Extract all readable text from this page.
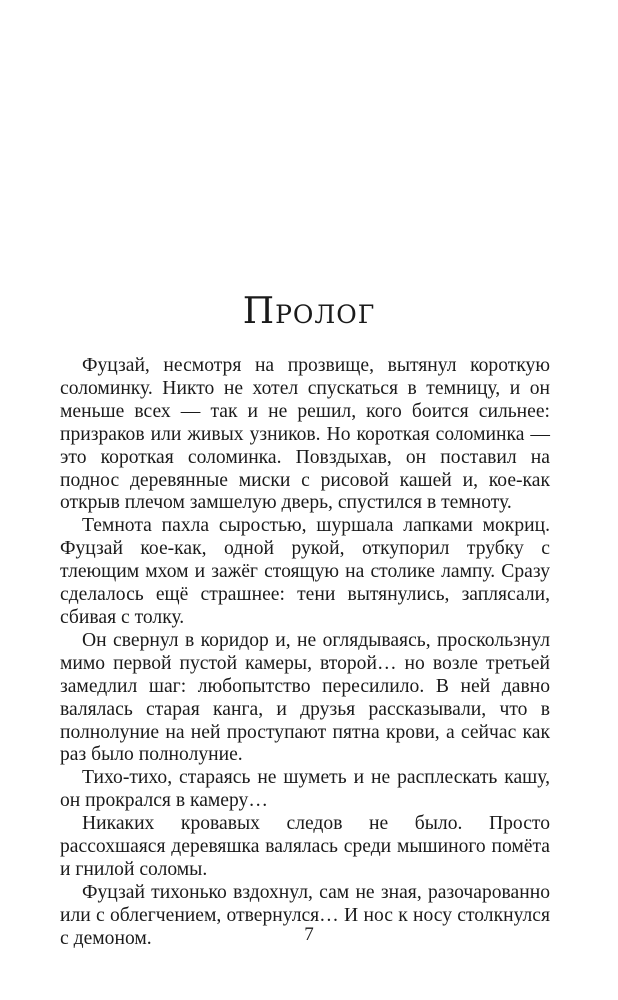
Пролог

Фуцзай, несмотря на прозвище, вытянул короткую соломинку. Никто не хотел спускаться в темницу, и он меньше всех — так и не решил, кого боится сильнее: призраков или живых узников. Но короткая соломинка — это короткая соломинка. Повздыхав, он поставил на поднос деревянные миски с рисовой кашей и, кое-как открыв плечом замшелую дверь, спустился в темноту.

Темнота пахла сыростью, шуршала лапками мокриц. Фуцзай кое-как, одной рукой, откупорил трубку с тлеющим мхом и зажёг стоящую на столике лампу. Сразу сделалось ещё страшнее: тени вытянулись, заплясали, сбивая с толку.

Он свернул в коридор и, не оглядываясь, проскользнул мимо первой пустой камеры, второй… но возле третьей замедлил шаг: любопытство пересилило. В ней давно валялась старая канга, и друзья рассказывали, что в полнолуние на ней проступают пятна крови, а сейчас как раз было полнолуние.

Тихо-тихо, стараясь не шуметь и не расплескать кашу, он прокрался в камеру…

Никаких кровавых следов не было. Просто рассохшаяся деревяшка валялась среди мышиного помёта и гнилой соломы.

Фуцзай тихонько вздохнул, сам не зная, разочарованно или с облегчением, отвернулся… И нос к носу столкнулся с демоном.	7
